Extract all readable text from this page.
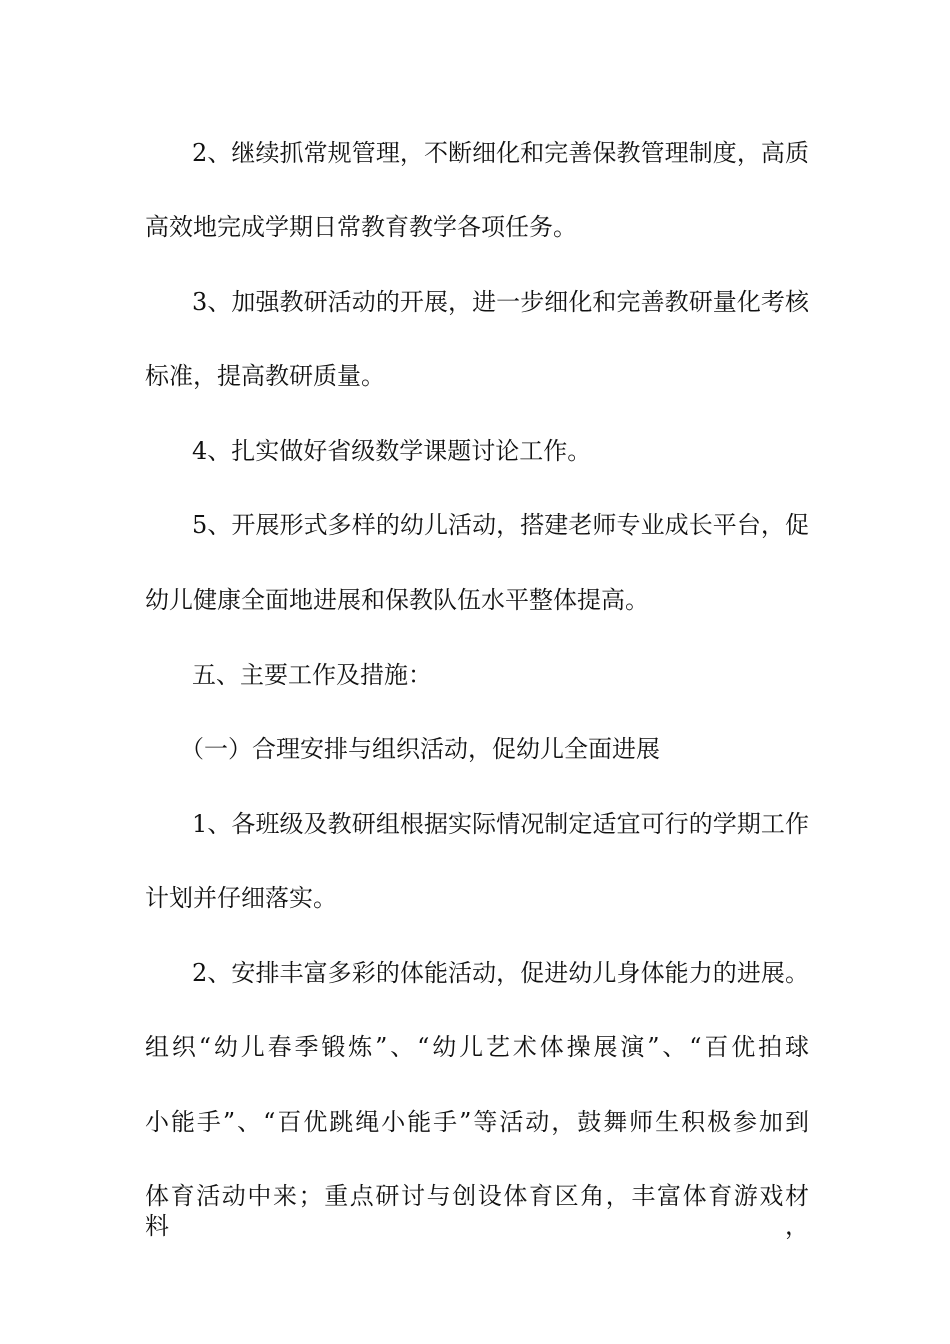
2、继续抓常规管理，不断细化和完善保教管理制度，高质

高效地完成学期日常教育教学各项任务。

3、加强教研活动的开展，进一步细化和完善教研量化考核

标准，提高教研质量。

4、扎实做好省级数学课题讨论工作。

5、开展形式多样的幼儿活动，搭建老师专业成长平台，促

幼儿健康全面地进展和保教队伍水平整体提高。

五、主要工作及措施：

（一）合理安排与组织活动，促幼儿全面进展

1、各班级及教研组根据实际情况制定适宜可行的学期工作

计划并仔细落实。

2、安排丰富多彩的体能活动，促进幼儿身体能力的进展。

组织“幼儿春季锻炼”、“幼儿艺术体操展演”、“百优拍球

小能手”、“百优跳绳小能手”等活动，鼓舞师生积极参加到

体育活动中来；重点研讨与创设体育区角，丰富体育游戏材料，
